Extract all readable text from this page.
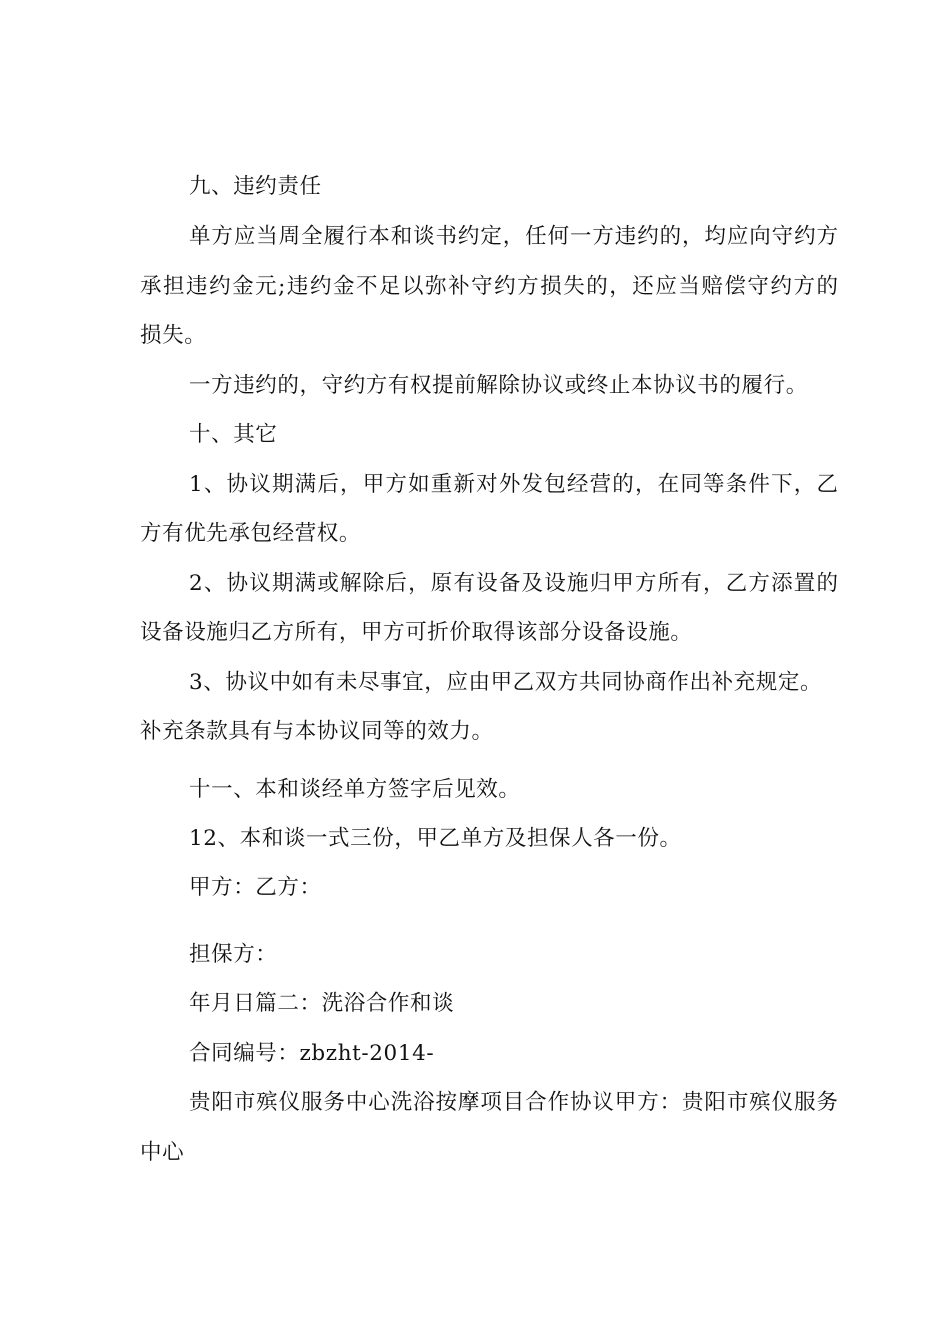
九、违约责任
单方应当周全履行本和谈书约定，任何一方违约的，均应向守约方
承担违约金元;违约金不足以弥补守约方损失的，还应当赔偿守约方的
损失。
一方违约的，守约方有权提前解除协议或终止本协议书的履行。
十、其它
1、协议期满后，甲方如重新对外发包经营的，在同等条件下，乙
方有优先承包经营权。
2、协议期满或解除后，原有设备及设施归甲方所有，乙方添置的
设备设施归乙方所有，甲方可折价取得该部分设备设施。
3、协议中如有未尽事宜，应由甲乙双方共同协商作出补充规定。
补充条款具有与本协议同等的效力。
十一、本和谈经单方签字后见效。
12、本和谈一式三份，甲乙单方及担保人各一份。
甲方：乙方：
担保方：
年月日篇二：洗浴合作和谈
合同编号：zbzht-2014-
贵阳市殡仪服务中心洗浴按摩项目合作协议甲方：贵阳市殡仪服务
中心
